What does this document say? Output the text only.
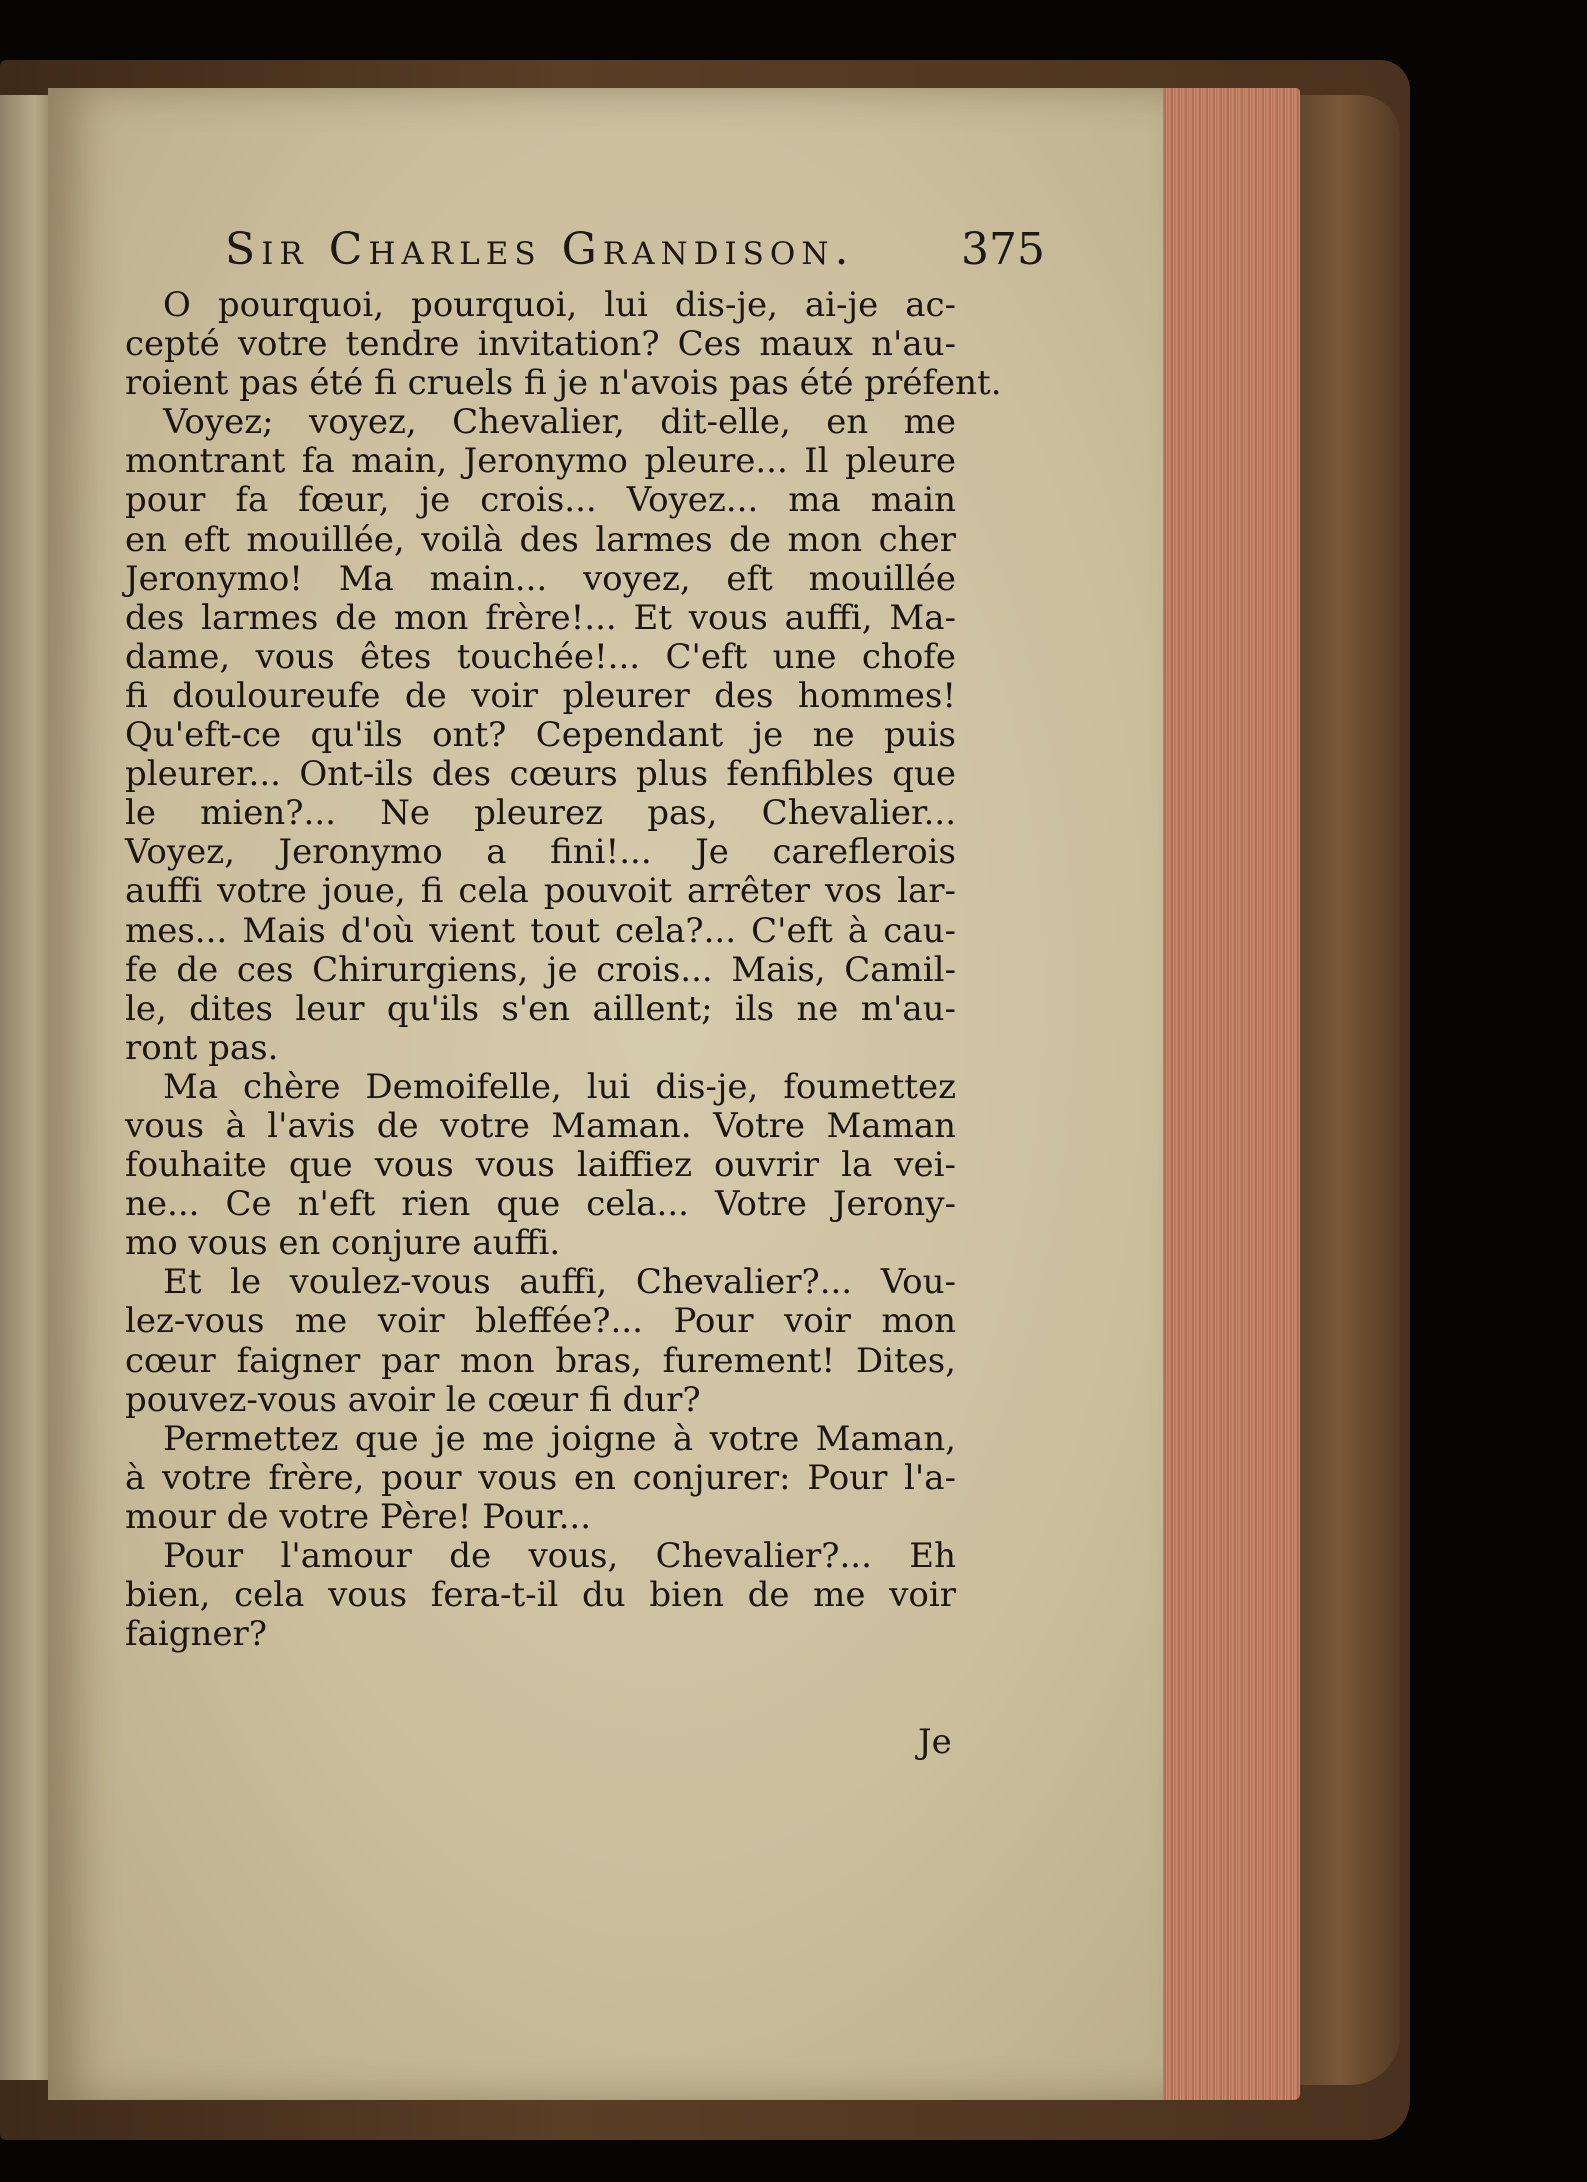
Sir Charles Grandison. 375
O pourquoi, pourquoi, lui dis-je, ai-je ac-
cepté votre tendre invitation? Ces maux n'au-
roient pas été fi cruels fi je n'avois pas été préfent.
Voyez; voyez, Chevalier, dit-elle, en me
montrant fa main, Jeronymo pleure... Il pleure
pour fa fœur, je crois... Voyez... ma main
en eft mouillée, voilà des larmes de mon cher
Jeronymo! Ma main... voyez, eft mouillée
des larmes de mon frère!... Et vous auffi, Ma-
dame, vous êtes touchée!... C'eft une chofe
fi douloureufe de voir pleurer des hommes!
Qu'eft-ce qu'ils ont? Cependant je ne puis
pleurer... Ont-ils des cœurs plus fenfibles que
le mien?... Ne pleurez pas, Chevalier...
Voyez, Jeronymo a fini!... Je careflerois
auffi votre joue, fi cela pouvoit arrêter vos lar-
mes... Mais d'où vient tout cela?... C'eft à cau-
fe de ces Chirurgiens, je crois... Mais, Camil-
le, dites leur qu'ils s'en aillent; ils ne m'au-
ront pas.
Ma chère Demoifelle, lui dis-je, foumettez
vous à l'avis de votre Maman. Votre Maman
fouhaite que vous vous laiffiez ouvrir la vei-
ne... Ce n'eft rien que cela... Votre Jerony-
mo vous en conjure auffi.
Et le voulez-vous auffi, Chevalier?... Vou-
lez-vous me voir bleffée?... Pour voir mon
cœur faigner par mon bras, furement! Dites,
pouvez-vous avoir le cœur fi dur?
Permettez que je me joigne à votre Maman,
à votre frère, pour vous en conjurer: Pour l'a-
mour de votre Père! Pour...
Pour l'amour de vous, Chevalier?... Eh
bien, cela vous fera-t-il du bien de me voir
faigner?
Je
